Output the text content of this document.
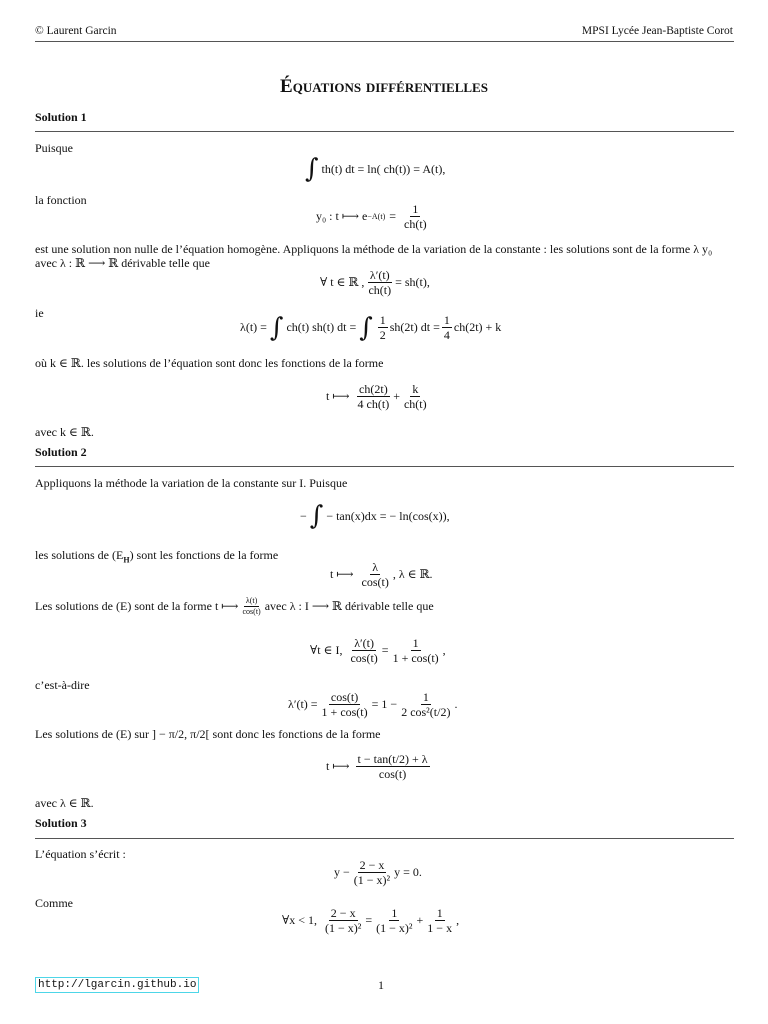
© Laurent Garcin	MPSI Lycée Jean-Baptiste Corot
Équations différentielles
Solution 1
Puisque
∫ th(t) dt = ln( ch(t)) = A(t),
la fonction
y₀ : t ⟼ $e -A(t) = \frac{1}{ch(t)}$
est une solution non nulle de l’équation homogène. Appliquons la méthode de la variation de la constante : les solutions sont de la forme λ y₀
avec λ : ℝ ⟶ ℝ dérivable telle que
∀ t ∈ ℝ , $\frac{\lambda'(t)}{ch(t)} = sh(t)$,
ie
λ(t) = ∫ ch(t) sh(t) dt = ∫ $\frac{1}{2} sh(2t)$ dt = $\frac{1}{4} ch(2t) + k$
où k ∈ ℝ. les solutions de l’équation sont donc les fonctions de la forme
t ⟼ $\frac{ch(2t)}{4 ch(t)} + \frac{k}{ch(t)}$
avec k ∈ ℝ.
Solution 2
Appliquons la méthode la variation de la constante sur I. Puisque
− ∫ − tan(x)dx = − ln(cos(x)),
les solutions de $(E_H)$ sont les fonctions de la forme
t ⟼ $\frac{\lambda}{\cos(t)}$ , λ ∈ ℝ.
Les solutions de (E) sont de la forme t ⟼ $\frac{\lambda(t)}{\cos(t)}$ avec λ : I ⟶ ℝ dérivable telle que
∀t ∈ I, $\frac{\lambda'(t)}{\cos(t)} = \frac{1}{1 + \cos(t)}$ ,
c’est-à-dire
$\lambda'(t) = \frac{\cos(t)}{1 + \cos(t)} = 1 - \frac{1}{\text{2 cos²(t/2)}}$ .
Les solutions de (E) sur ] − π/2, π/2[ sont donc les fonctions de la forme
t ⟼ $\frac{t - \tan(t/2) + \lambda}{\cos(t)}$
avec λ ∈ ℝ.
Solution 3
L’équation s’écrit :
$y - \frac{2 - x}{\text{(1 − x)²}}$ y = 0.
Comme
∀x < 1, $\frac{2 - x}{\text{(1 − x)²}} = \frac{1}{\text{(1 − x)²}} + \frac{1}{1 - x}$ ,
http://lgarcin.github.io	1
